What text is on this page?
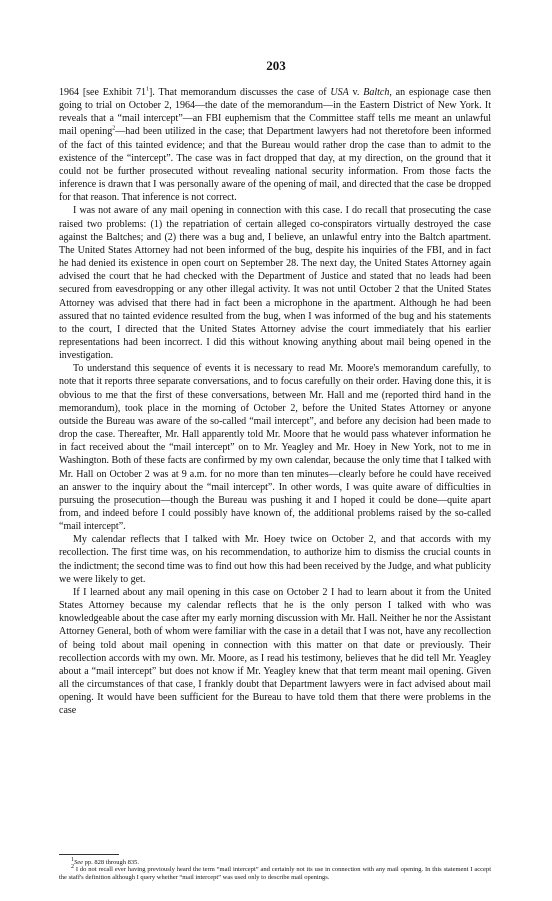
203

1964 [see Exhibit $71^1$]. That memorandum discusses the case of USA v. Baltch, an espionage case then going to trial on October 2, 1964—the date of the memorandum—in the Eastern District of New York. It reveals that a “mail intercept”—an FBI euphemism that the Committee staff tells me meant an unlawful mail opening$^2$—had been utilized in the case; that Department lawyers had not theretofore been informed of the fact of this tainted evidence; and that the Bureau would rather drop the case than to admit to the existence of the “intercept”. The case was in fact dropped that day, at my direction, on the ground that it could not be further prosecuted without revealing national security information. From those facts the inference is drawn that I was personally aware of the opening of mail, and directed that the case be dropped for that reason. That inference is not correct.

I was not aware of any mail opening in connection with this case. I do recall that prosecuting the case raised two problems: (1) the repatriation of certain alleged co-conspirators virtually destroyed the case against the Baltches; and (2) there was a bug and, I believe, an unlawful entry into the Baltch apartment. The United States Attorney had not been informed of the bug, despite his inquiries of the FBI, and in fact he had denied its existence in open court on September 28. The next day, the United States Attorney again advised the court that he had checked with the Department of Justice and stated that no leads had been secured from eavesdropping or any other illegal activity. It was not until October 2 that the United States Attorney was advised that there had in fact been a microphone in the apartment. Although he had been assured that no tainted evidence resulted from the bug, when I was informed of the bug and his statements to the court, I directed that the United States Attorney advise the court immediately that his earlier representations had been incorrect. I did this without knowing anything about mail being opened in the investigation.

To understand this sequence of events it is necessary to read Mr. Moore's memorandum carefully, to note that it reports three separate conversations, and to focus carefully on their order. Having done this, it is obvious to me that the first of these conversations, between Mr. Hall and me (reported third hand in the memorandum), took place in the morning of October 2, before the United States Attorney or anyone outside the Bureau was aware of the so-called “mail intercept”, and before any decision had been made to drop the case. Thereafter, Mr. Hall apparently told Mr. Moore that he would pass whatever information he in fact received about the “mail intercept” on to Mr. Yeagley and Mr. Hoey in New York, not to me in Washington. Both of these facts are confirmed by my own calendar, because the only time that I talked with Mr. Hall on October 2 was at 9 a.m. for no more than ten minutes—clearly before he could have received an answer to the inquiry about the “mail intercept”. In other words, I was quite aware of difficulties in pursuing the prosecution—though the Bureau was pushing it and I hoped it could be done—quite apart from, and indeed before I could possibly have known of, the additional problems raised by the so-called “mail intercept”.

My calendar reflects that I talked with Mr. Hoey twice on October 2, and that accords with my recollection. The first time was, on his recommendation, to authorize him to dismiss the crucial counts in the indictment; the second time was to find out how this had been received by the Judge, and what publicity we were likely to get.

If I learned about any mail opening in this case on October 2 I had to learn about it from the United States Attorney because my calendar reflects that he is the only person I talked with who was knowledgeable about the case after my early morning discussion with Mr. Hall. Neither he nor the Assistant Attorney General, both of whom were familiar with the case in a detail that I was not, have any recollection of being told about mail opening in connection with this matter on that date or previously. Their recollection accords with my own. Mr. Moore, as I read his testimony, believes that he did tell Mr. Yeagley about a “mail intercept” but does not know if Mr. Yeagley knew that that term meant mail opening. Given all the circumstances of that case, I frankly doubt that Department lawyers were in fact advised about mail opening. It would have been sufficient for the Bureau to have told them that there were problems in the case

$^1$See pp. 828 through 835.

$^2$ I do not recall ever having previously heard the term “mail intercept” and certainly not its use in connection with any mail opening. In this statement I accept the staff's definition although I query whether “mail intercept” was used only to describe mail openings.
